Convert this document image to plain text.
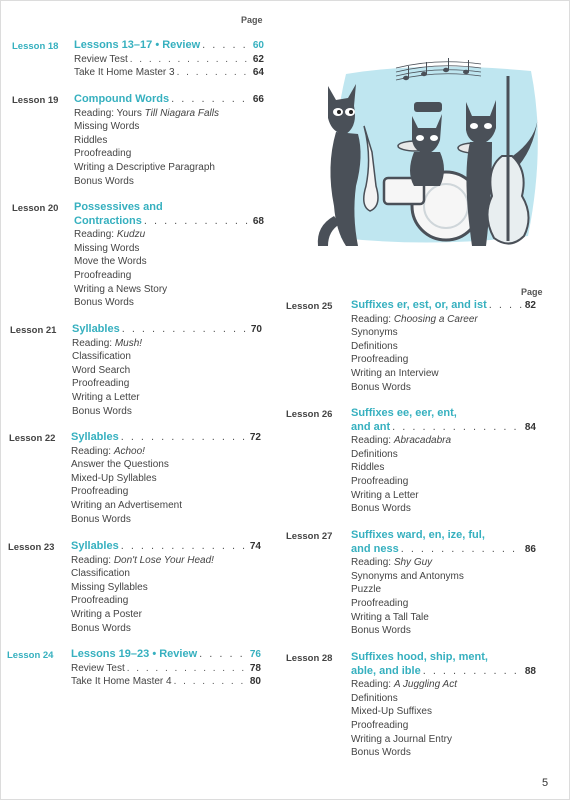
Page
Page
Lesson 18 Lessons 13–17 • Review . . .	60
Review Test . . .	62
Take It Home Master 3 . . .	64
Lesson 19 Compound Words . . .	66
Reading: Yours Till Niagara Falls
Missing Words
Riddles
Proofreading
Writing a Descriptive Paragraph
Bonus Words
Lesson 20 Possessives and
Contractions . . .	68
Reading: Kudzu
Missing Words
Move the Words
Proofreading
Writing a News Story
Bonus Words
Lesson 21 Syllables . . .	70
Reading: Mush!
Classification
Word Search
Proofreading
Writing a Letter
Bonus Words
Lesson 22 Syllables . . .	72
Reading: Achoo!
Answer the Questions
Mixed-Up Syllables
Proofreading
Writing an Advertisement
Bonus Words
Lesson 23 Syllables . . .	74
Reading: Don't Lose Your Head!
Classification
Missing Syllables
Proofreading
Writing a Poster
Bonus Words
Lesson 24 Lessons 19–23 • Review . . .	76
Review Test . . .	78
Take It Home Master 4 . . .	80
Lesson 25 Suffixes er, est, or, and ist . . .	82
Reading: Choosing a Career
Synonyms
Definitions
Proofreading
Writing an Interview
Bonus Words
Lesson 26 Suffixes ee, eer, ent,
and ant . . .	84
Reading: Abracadabra
Definitions
Riddles
Proofreading
Writing a Letter
Bonus Words
Lesson 27 Suffixes ward, en, ize, ful,
and ness . . .	86
Reading: Shy Guy
Synonyms and Antonyms
Puzzle
Proofreading
Writing a Tall Tale
Bonus Words
Lesson 28 Suffixes hood, ship, ment,
able, and ible . . .	88
Reading: A Juggling Act
Definitions
Mixed-Up Suffixes
Proofreading
Writing a Journal Entry
Bonus Words
5
